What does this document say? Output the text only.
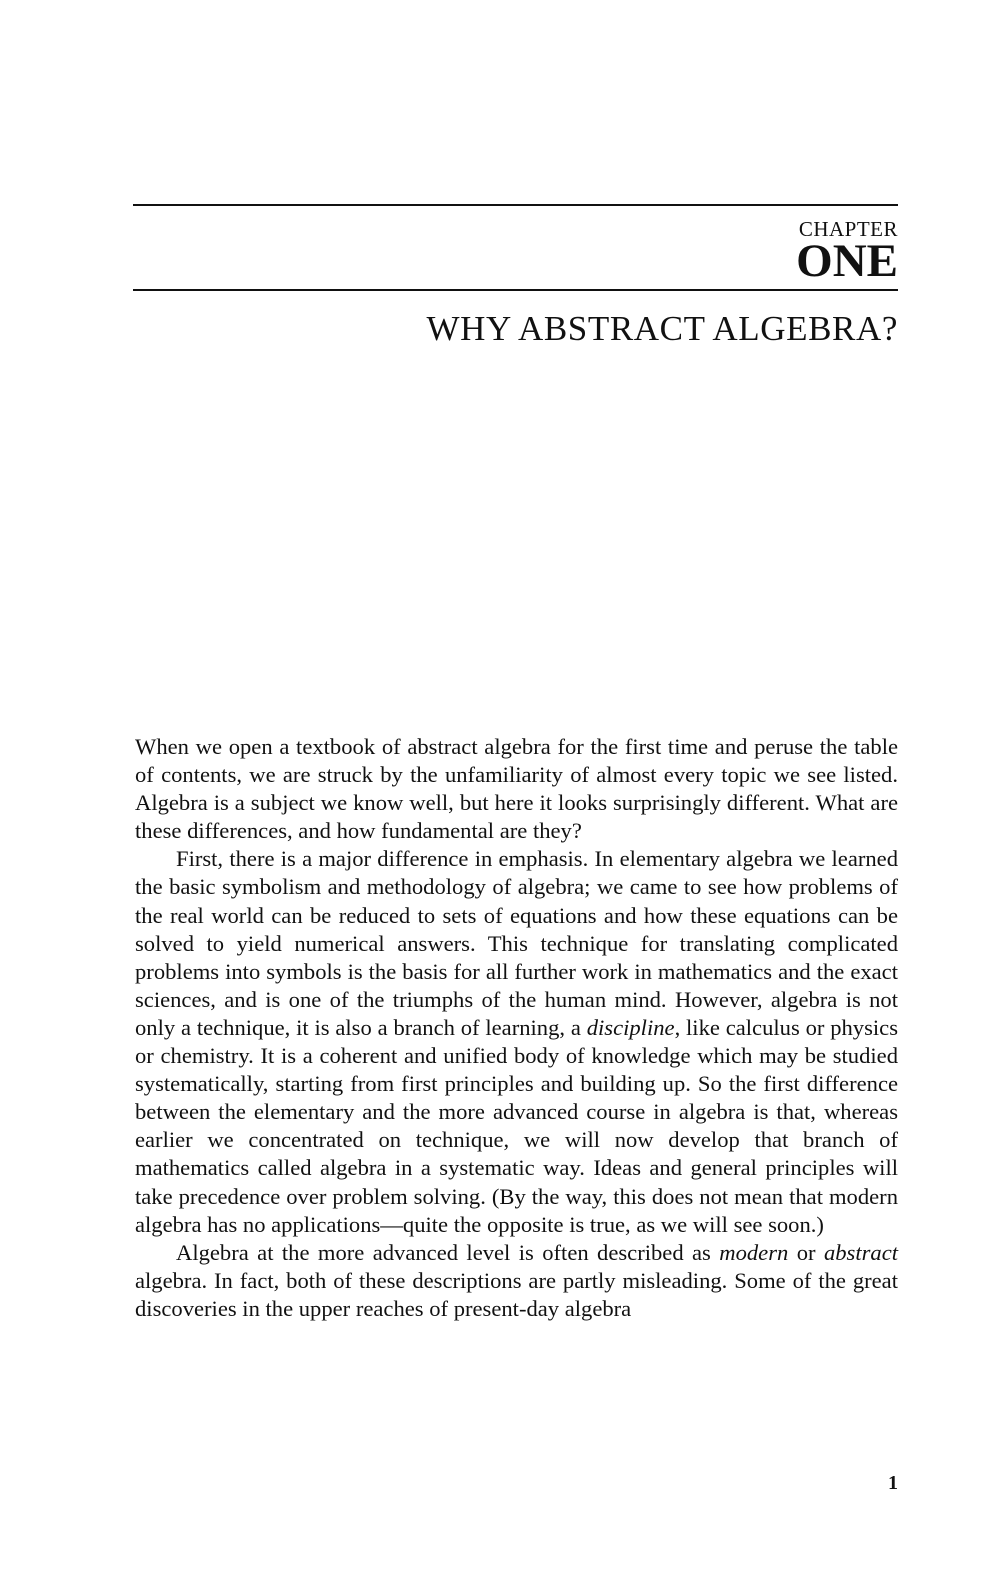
CHAPTER
ONE
WHY ABSTRACT ALGEBRA?

When we open a textbook of abstract algebra for the first time and peruse the table of contents, we are struck by the unfamiliarity of almost every topic we see listed. Algebra is a subject we know well, but here it looks surprisingly different. What are these differences, and how fundamental are they?

First, there is a major difference in emphasis. In elementary algebra we learned the basic symbolism and methodology of algebra; we came to see how problems of the real world can be reduced to sets of equations and how these equations can be solved to yield numerical answers. This technique for translating complicated problems into symbols is the basis for all further work in mathematics and the exact sciences, and is one of the triumphs of the human mind. However, algebra is not only a technique, it is also a branch of learning, a discipline, like calculus or physics or chemistry. It is a coherent and unified body of knowledge which may be studied systematically, starting from first principles and building up. So the first difference between the elementary and the more advanced course in algebra is that, whereas earlier we concentrated on technique, we will now develop that branch of mathematics called algebra in a systematic way. Ideas and general principles will take precedence over problem solving. (By the way, this does not mean that modern algebra has no applications—quite the opposite is true, as we will see soon.)

Algebra at the more advanced level is often described as modern or abstract algebra. In fact, both of these descriptions are partly misleading. Some of the great discoveries in the upper reaches of present-day algebra

1
